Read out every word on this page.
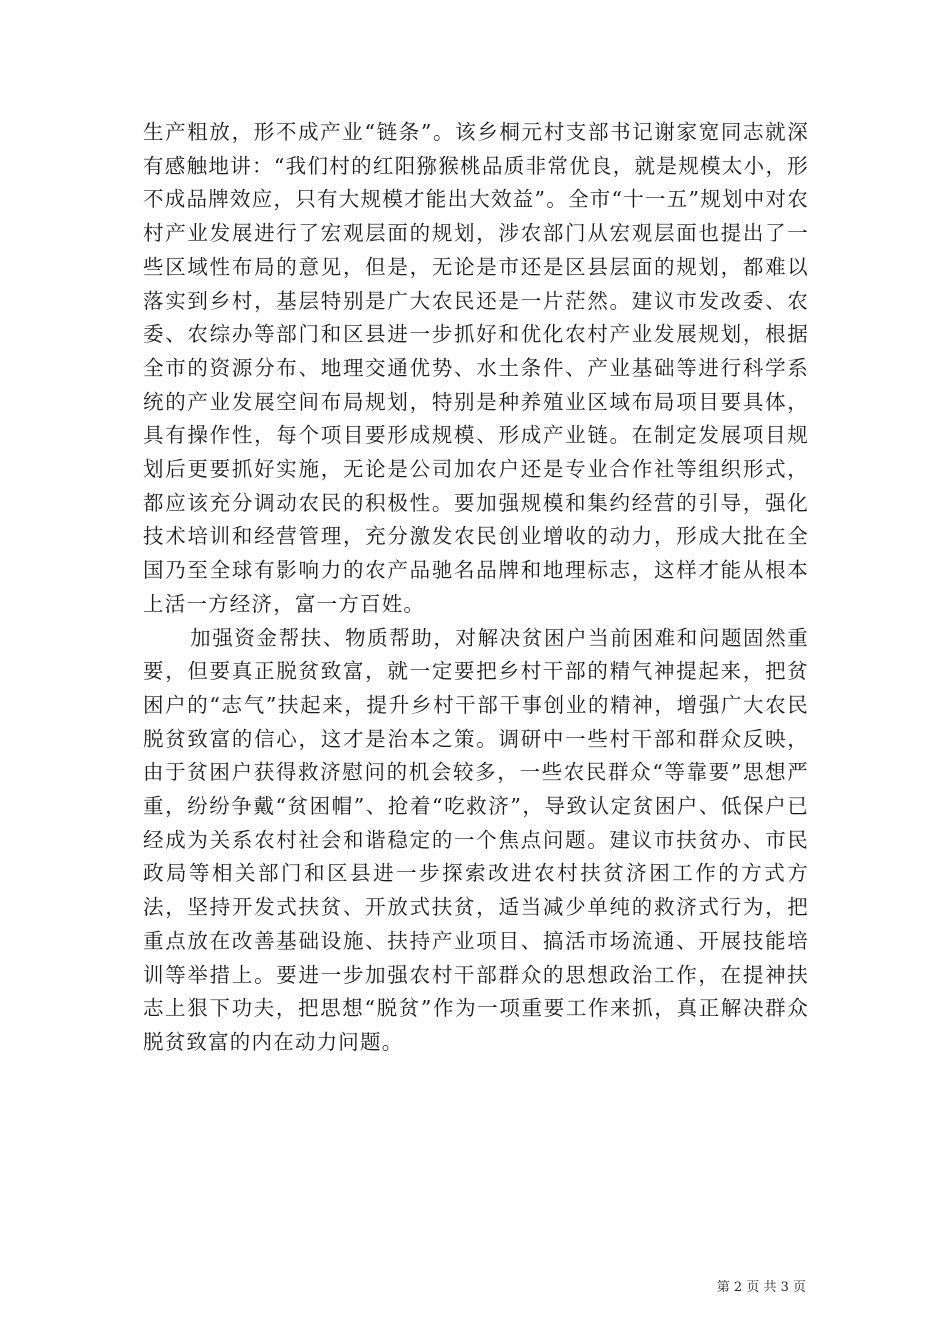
生产粗放，形不成产业“链条”。该乡桐元村支部书记谢家宽同志就深有感触地讲：“我们村的红阳猕猴桃品质非常优良，就是规模太小，形不成品牌效应，只有大规模才能出大效益”。全市“十一五”规划中对农村产业发展进行了宏观层面的规划，涉农部门从宏观层面也提出了一些区域性布局的意见，但是，无论是市还是区县层面的规划，都难以落实到乡村，基层特别是广大农民还是一片茫然。建议市发改委、农委、农综办等部门和区县进一步抓好和优化农村产业发展规划，根据全市的资源分布、地理交通优势、水土条件、产业基础等进行科学系统的产业发展空间布局规划，特别是种养殖业区域布局项目要具体，具有操作性，每个项目要形成规模、形成产业链。在制定发展项目规划后更要抓好实施，无论是公司加农户还是专业合作社等组织形式，都应该充分调动农民的积极性。要加强规模和集约经营的引导，强化技术培训和经营管理，充分激发农民创业增收的动力，形成大批在全国乃至全球有影响力的农产品驰名品牌和地理标志，这样才能从根本上活一方经济，富一方百姓。

加强资金帮扶、物质帮助，对解决贫困户当前困难和问题固然重要，但要真正脱贫致富，就一定要把乡村干部的精气神提起来，把贫困户的“志气”扶起来，提升乡村干部干事创业的精神，增强广大农民脱贫致富的信心，这才是治本之策。调研中一些村干部和群众反映，由于贫困户获得救济慰问的机会较多，一些农民群众“等靠要”思想严重，纷纷争戴“贫困帽”、抢着“吃救济”，导致认定贫困户、低保户已经成为关系农村社会和谐稳定的一个焦点问题。建议市扶贫办、市民政局等相关部门和区县进一步探索改进农村扶贫济困工作的方式方法，坚持开发式扶贫、开放式扶贫，适当减少单纯的救济式行为，把重点放在改善基础设施、扶持产业项目、搞活市场流通、开展技能培训等举措上。要进一步加强农村干部群众的思想政治工作，在提神扶志上狠下功夫，把思想“脱贫”作为一项重要工作来抓，真正解决群众脱贫致富的内在动力问题。

第 2 页 共 3 页
